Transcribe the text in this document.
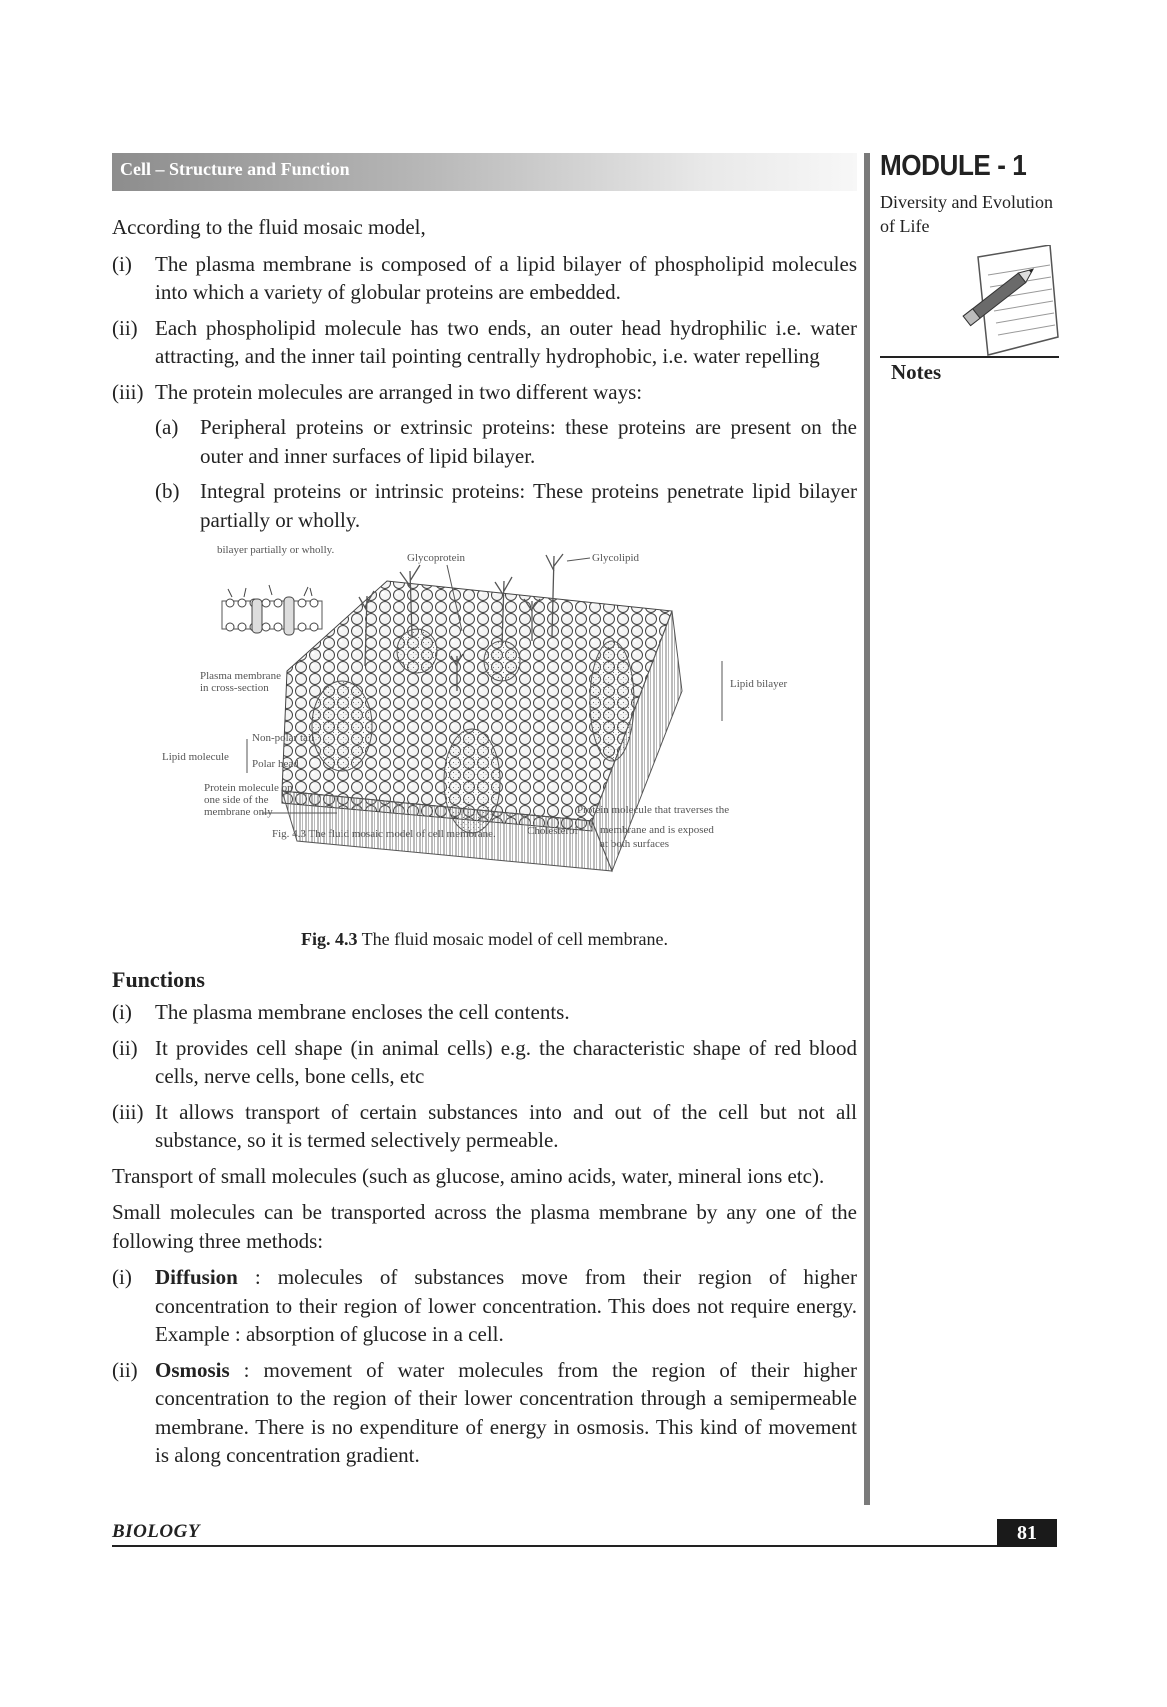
Cell – Structure and Function	MODULE - 1
Diversity and Evolution of Life
Notes

According to the fluid mosaic model,

(i) The plasma membrane is composed of a lipid bilayer of phospholipid molecules into which a variety of globular proteins are embedded.
(ii) Each phospholipid molecule has two ends, an outer head hydrophilic i.e. water attracting, and the inner tail pointing centrally hydrophobic, i.e. water repelling
(iii) The protein molecules are arranged in two different ways:
(a) Peripheral proteins or extrinsic proteins: these proteins are present on the outer and inner surfaces of lipid bilayer.
(b) Integral proteins or intrinsic proteins: These proteins penetrate lipid bilayer partially or wholly.
bilayer partially or wholly.
Glycoprotein	Glycolipid
Plasma membrane in cross-section	Lipid bilayer
Non-polar tail
Polar head
Lipid molecule
Protein molecule on one side of the membrane only
Fig. 4.3 The fluid mosaic model of cell membrane.	Cholesterol
Protein molecule that traverses the membrane and is exposed at both surfaces
Fig. 4.3 The fluid mosaic model of cell membrane.
Functions
(i) The plasma membrane encloses the cell contents.
(ii) It provides cell shape (in animal cells) e.g. the characteristic shape of red blood cells, nerve cells, bone cells, etc
(iii) It allows transport of certain substances into and out of the cell but not all substance, so it is termed selectively permeable.

Transport of small molecules (such as glucose, amino acids, water, mineral ions etc).

Small molecules can be transported across the plasma membrane by any one of the following three methods:

(i) Diffusion : molecules of substances move from their region of higher concentration to their region of lower concentration. This does not require energy. Example : absorption of glucose in a cell.
(ii) Osmosis : movement of water molecules from the region of their higher concentration to the region of their lower concentration through a semipermeable membrane. There is no expenditure of energy in osmosis. This kind of movement is along concentration gradient.
BIOLOGY	81
